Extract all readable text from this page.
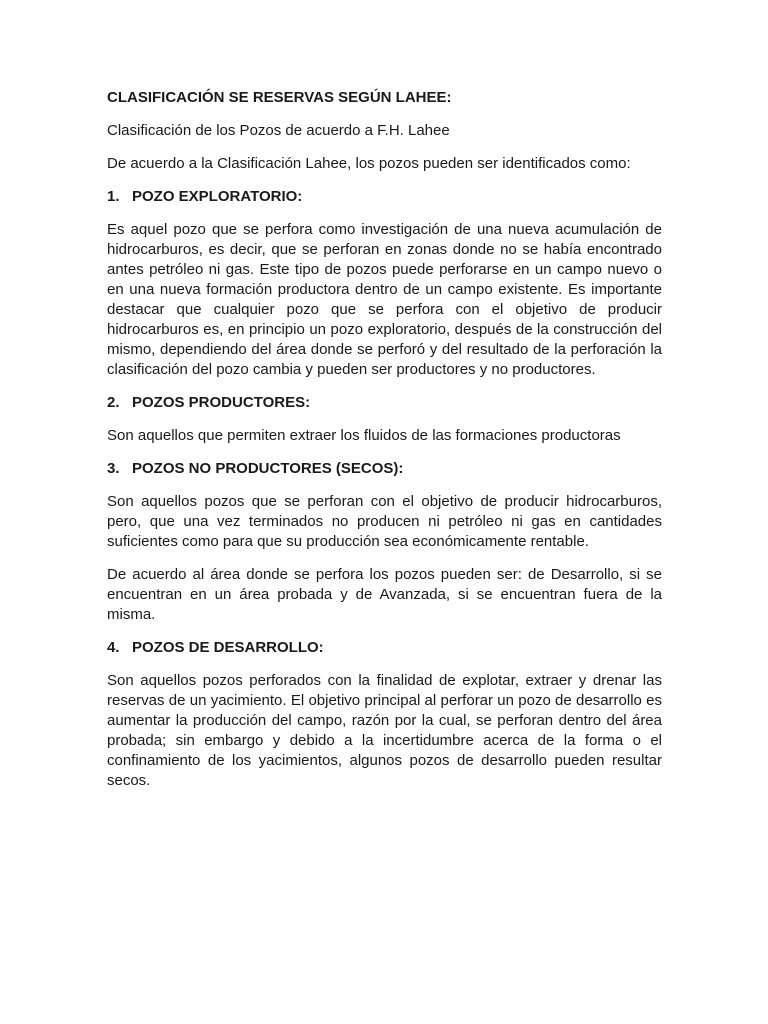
CLASIFICACIÓN SE RESERVAS SEGÚN LAHEE:
Clasificación de los Pozos de acuerdo a F.H. Lahee
De acuerdo a la Clasificación Lahee, los pozos pueden ser identificados como:
1. POZO EXPLORATORIO:
Es aquel pozo que se perfora como investigación de una nueva acumulación de hidrocarburos, es decir, que se perforan en zonas donde no se había encontrado antes petróleo ni gas. Este tipo de pozos puede perforarse en un campo nuevo o en una nueva formación productora dentro de un campo existente. Es importante destacar que cualquier pozo que se perfora con el objetivo de producir hidrocarburos es, en principio un pozo exploratorio, después de la construcción del mismo, dependiendo del área donde se perforó y del resultado de la perforación la clasificación del pozo cambia y pueden ser productores y no productores.
2. POZOS PRODUCTORES:
Son aquellos que permiten extraer los fluidos de las formaciones productoras
3. POZOS NO PRODUCTORES (SECOS):
Son aquellos pozos que se perforan con el objetivo de producir hidrocarburos, pero, que una vez terminados no producen ni petróleo ni gas en cantidades suficientes como para que su producción sea económicamente rentable.
De acuerdo al área donde se perfora los pozos pueden ser: de Desarrollo, si se encuentran en un área probada y de Avanzada, si se encuentran fuera de la misma.
4. POZOS DE DESARROLLO:
Son aquellos pozos perforados con la finalidad de explotar, extraer y drenar las reservas de un yacimiento. El objetivo principal al perforar un pozo de desarrollo es aumentar la producción del campo, razón por la cual, se perforan dentro del área probada; sin embargo y debido a la incertidumbre acerca de la forma o el confinamiento de los yacimientos, algunos pozos de desarrollo pueden resultar secos.
